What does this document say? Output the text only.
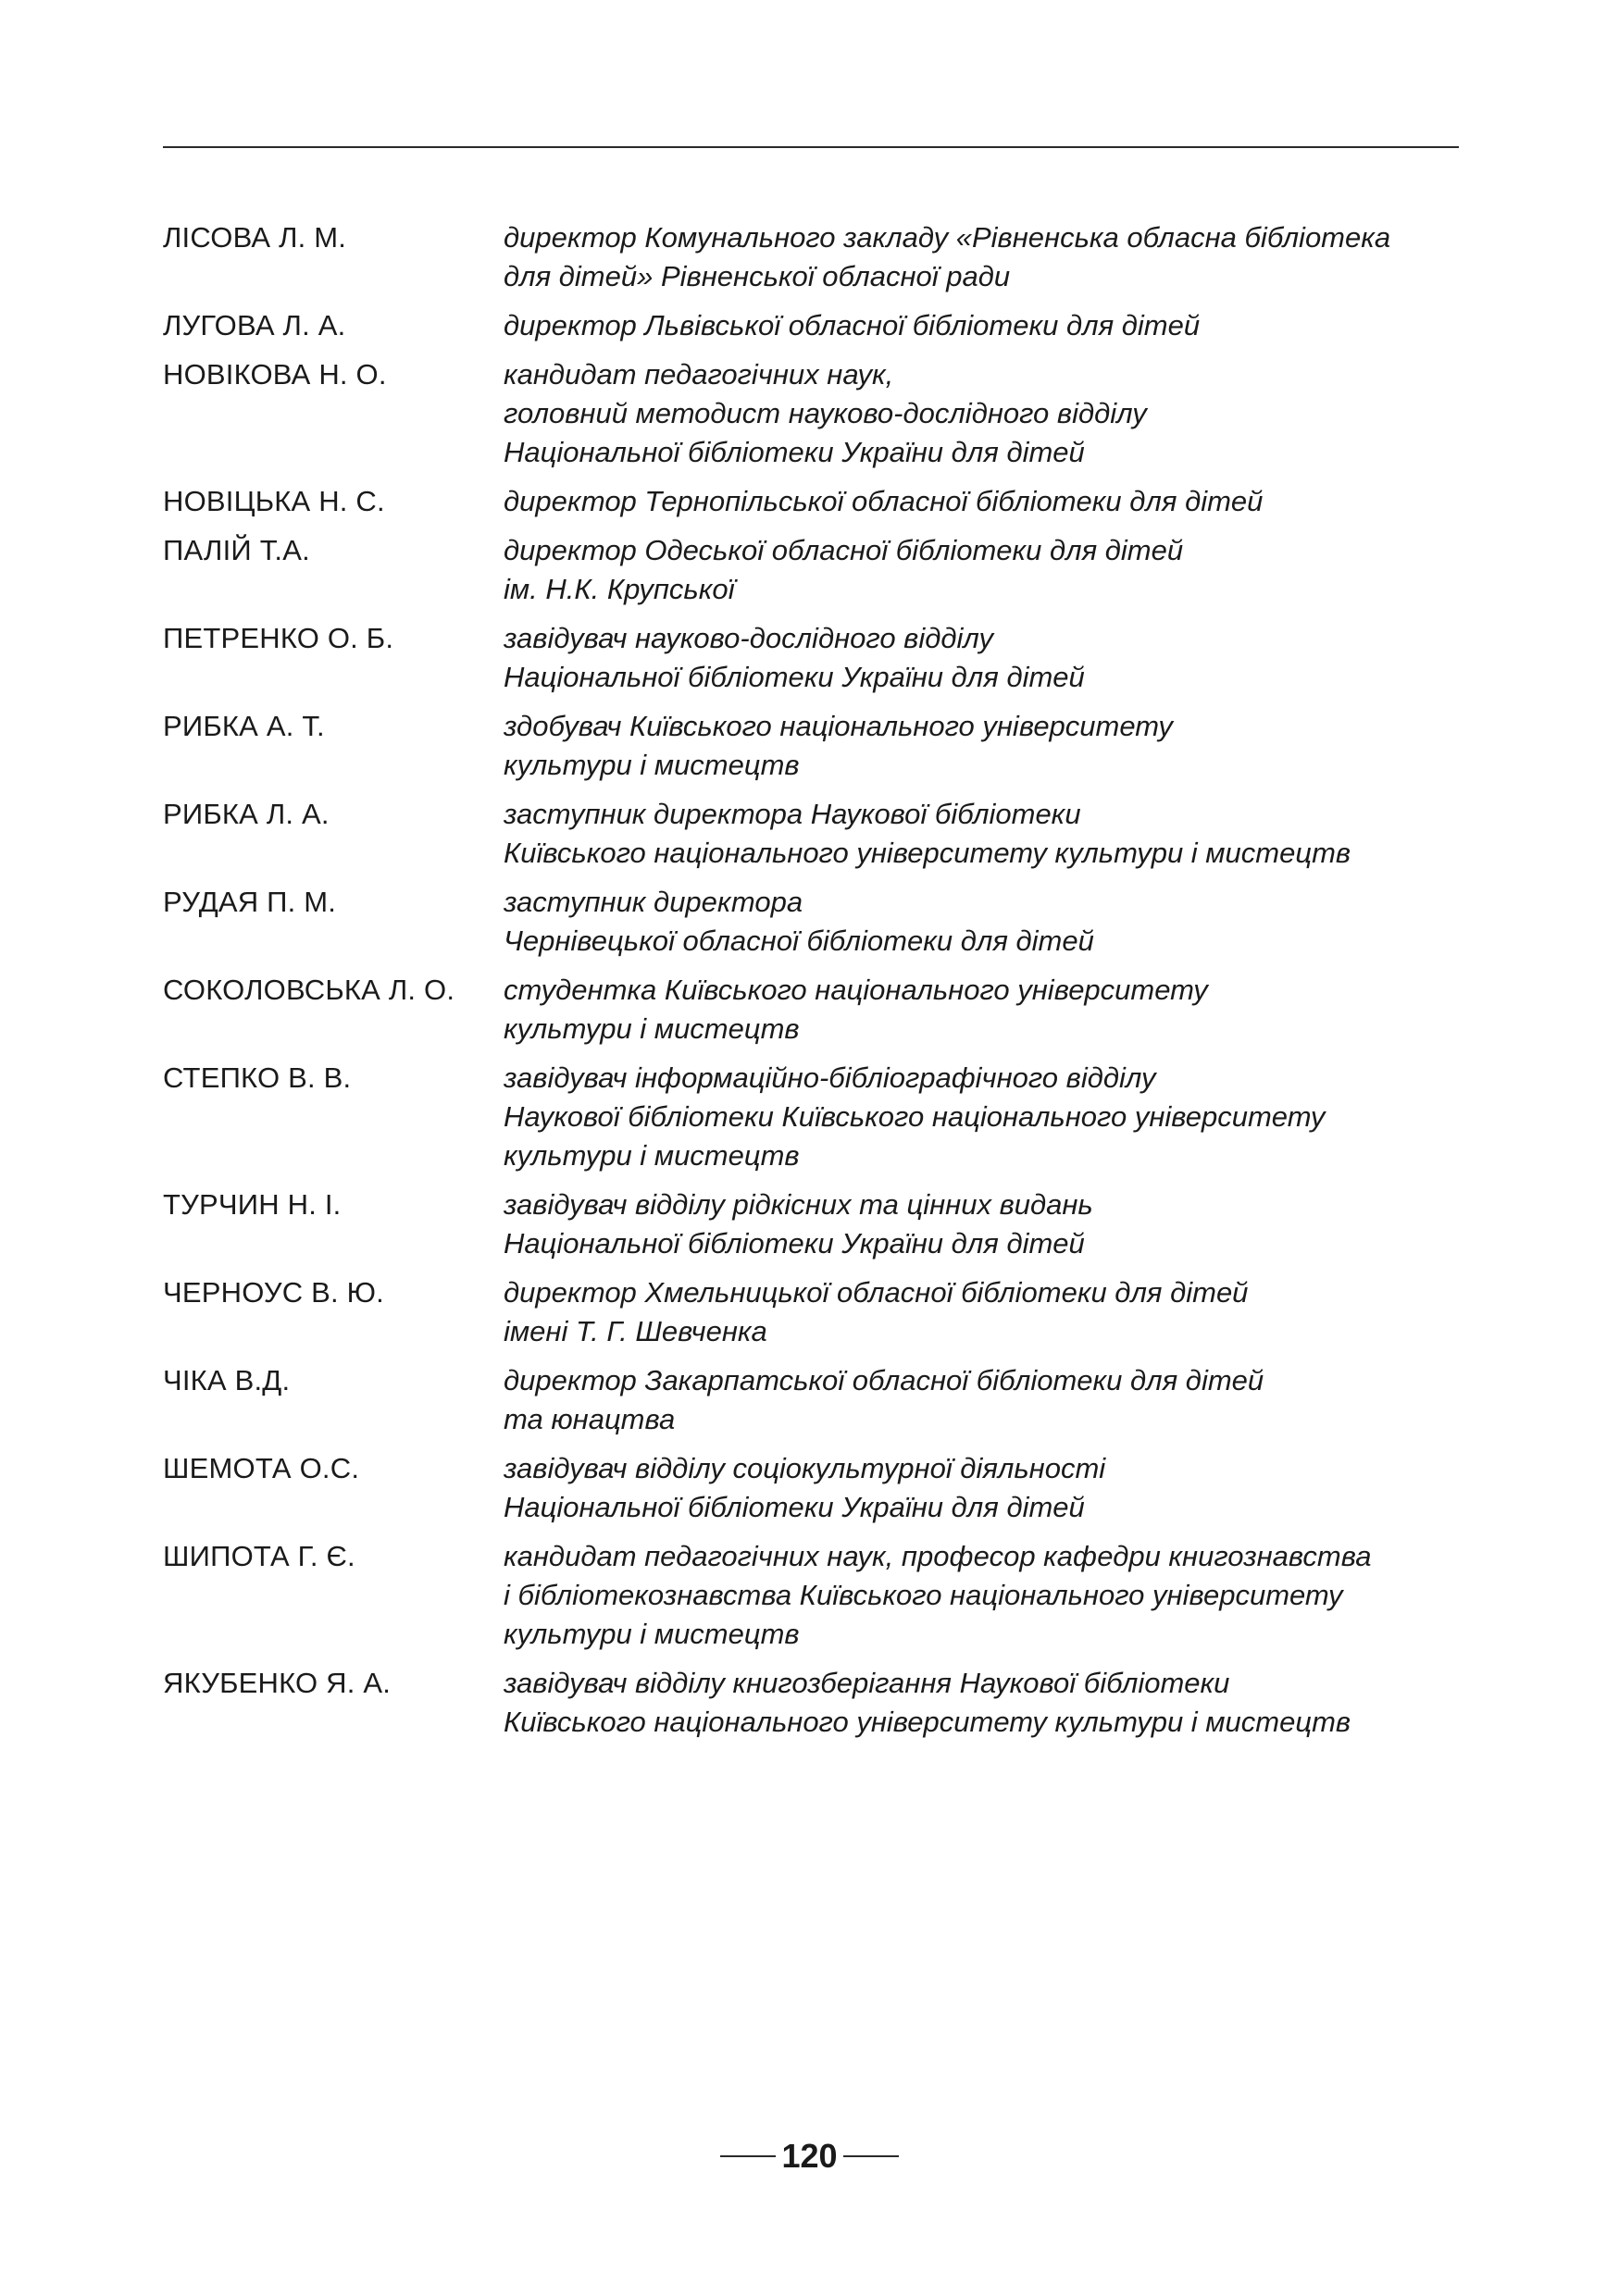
ЛІСОВА Л. М.	директор Комунального закладу «Рівненська обласна бібліотека
для дітей» Рівненської обласної ради
ЛУГОВА Л. А.	директор Львівської обласної бібліотеки для дітей
НОВІКОВА Н. О.	кандидат педагогічних наук,
головний методист науково-дослідного відділу
Національної бібліотеки України для дітей
НОВІЦЬКА Н. С.	директор Тернопільської обласної бібліотеки для дітей
ПАЛІЙ Т.А.	директор Одеської обласної бібліотеки для дітей
ім. Н.К. Крупської
ПЕТРЕНКО О. Б.	завідувач науково-дослідного відділу
Національної бібліотеки України для дітей
РИБКА А. Т.	здобувач Київського національного університету
культури і мистецтв
РИБКА Л. А.	заступник директора Наукової бібліотеки
Київського національного університету культури і мистецтв
РУДАЯ П. М.	заступник директора
Чернівецької обласної бібліотеки для дітей
СОКОЛОВСЬКА Л. О.	студентка Київського національного університету
культури і мистецтв
СТЕПКО В. В.	завідувач інформаційно-бібліографічного відділу
Наукової бібліотеки Київського національного університету
культури і мистецтв
ТУРЧИН Н. І.	завідувач відділу рідкісних та цінних видань
Національної бібліотеки України для дітей
ЧЕРНОУС В. Ю.	директор Хмельницької обласної бібліотеки для дітей
імені Т. Г. Шевченка
ЧІКА В.Д.	директор Закарпатської обласної бібліотеки для дітей
та юнацтва
ШЕМОТА О.С.	завідувач відділу соціокультурної діяльності
Національної бібліотеки України для дітей
ШИПОТА Г. Є.	кандидат педагогічних наук, професор кафедри книгознавства
і бібліотекознавства Київського національного університету
культури і мистецтв
ЯКУБЕНКО Я. А.	завідувач відділу книгозберігання Наукової бібліотеки
Київського національного університету культури і мистецтв
120
